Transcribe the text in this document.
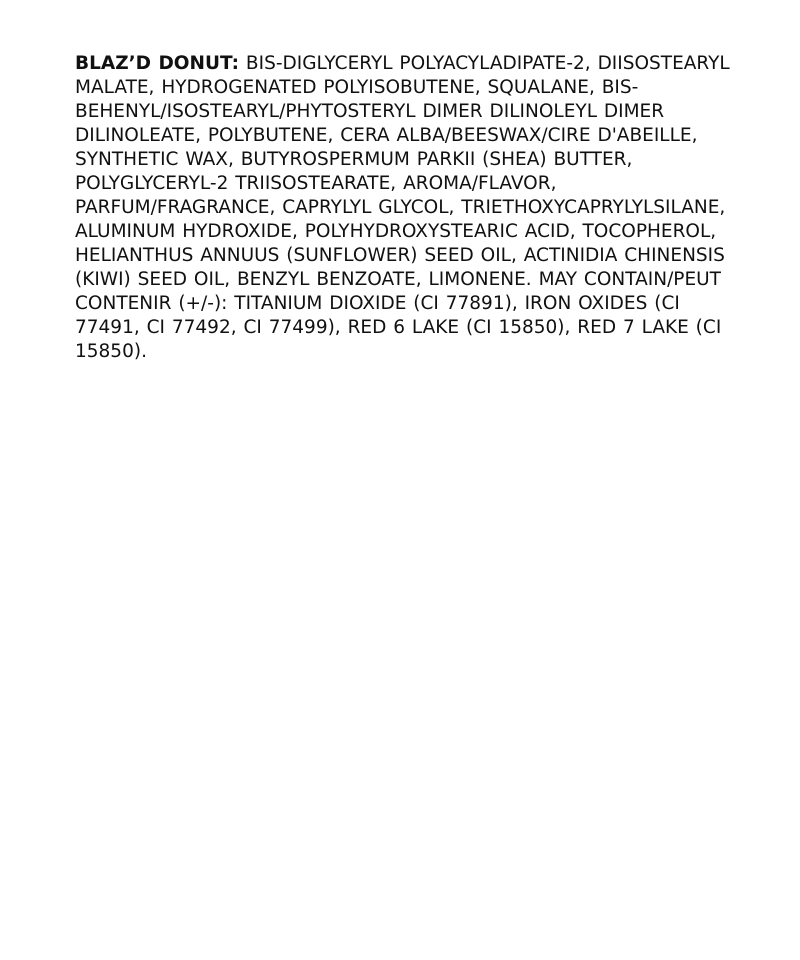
BLAZ’D DONUT: BIS-DIGLYCERYL POLYACYLADIPATE-2, DIISOSTEARYL MALATE, HYDROGENATED POLYISOBUTENE, SQUALANE, BIS-BEHENYL/ISOSTEARYL/PHYTOSTERYL DIMER DILINOLEYL DIMER DILINOLEATE, POLYBUTENE, CERA ALBA/BEESWAX/CIRE D'ABEILLE, SYNTHETIC WAX, BUTYROSPERMUM PARKII (SHEA) BUTTER, POLYGLYCERYL-2 TRIISOSTEARATE, AROMA/FLAVOR, PARFUM/FRAGRANCE, CAPRYLYL GLYCOL, TRIETHOXYCAPRYLYLSILANE, ALUMINUM HYDROXIDE, POLYHYDROXYSTEARIC ACID, TOCOPHEROL, HELIANTHUS ANNUUS (SUNFLOWER) SEED OIL, ACTINIDIA CHINENSIS (KIWI) SEED OIL, BENZYL BENZOATE, LIMONENE. MAY CONTAIN/PEUT CONTENIR (+/-): TITANIUM DIOXIDE (CI 77891), IRON OXIDES (CI 77491, CI 77492, CI 77499), RED 6 LAKE (CI 15850), RED 7 LAKE (CI 15850).
